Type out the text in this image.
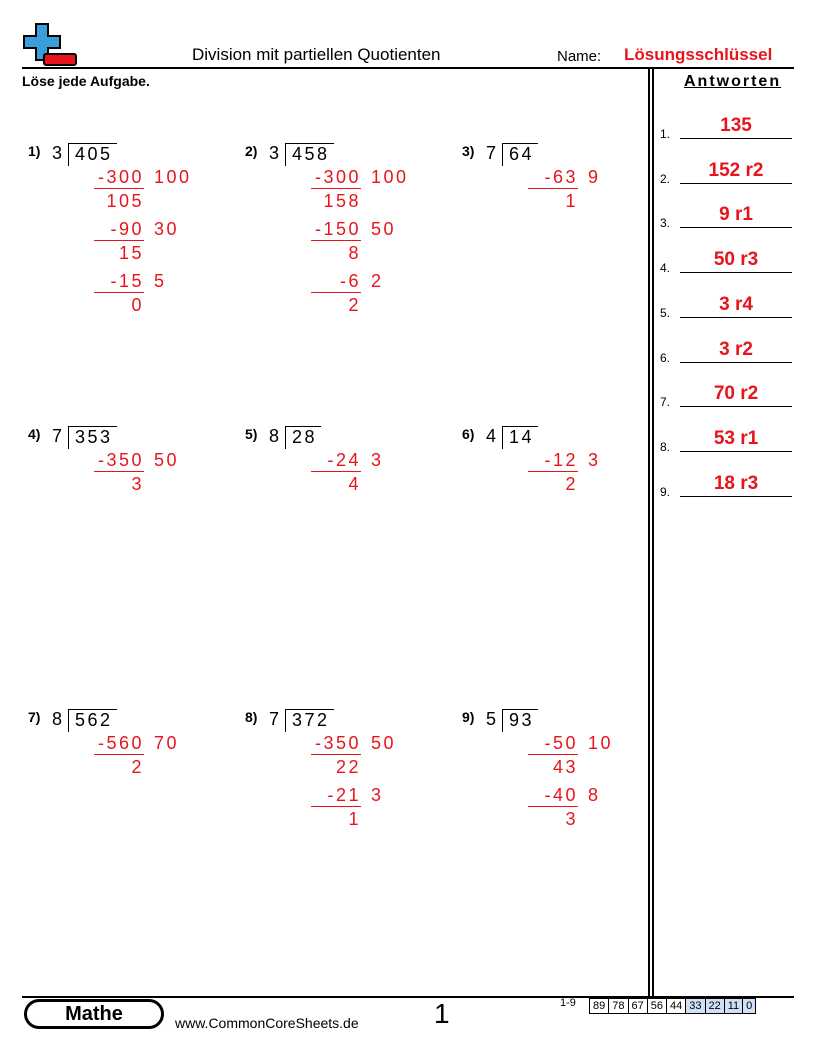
Division mit partiellen Quotienten	Name: Lösungsschlüssel
Löse jede Aufgabe.	Antworten
1.	135
2.	152 r2
3.	9 r1
4.	50 r3
5.	3 r4
6.	3 r2
7.	70 r2
8.	53 r1
9.	18 r3
1) 3 405
-300 100
105
-90 30
15
-15 5
0
2) 3 458
-300 100
158
-150 50
8
-6 2
2
3) 7 64
-63 9
1
4) 7 353
-350 50
3
5) 8 28
-24 3
4
6) 4 14
-12 3
2
7) 8 562
-560 70
2
8) 7 372
-350 50
22
-21 3
1
9) 5 93
-50 10
43
-40 8
3
Mathe	www.CommonCoreSheets.de	1	1-9 89	78	67	56	44	33	22	11	0
